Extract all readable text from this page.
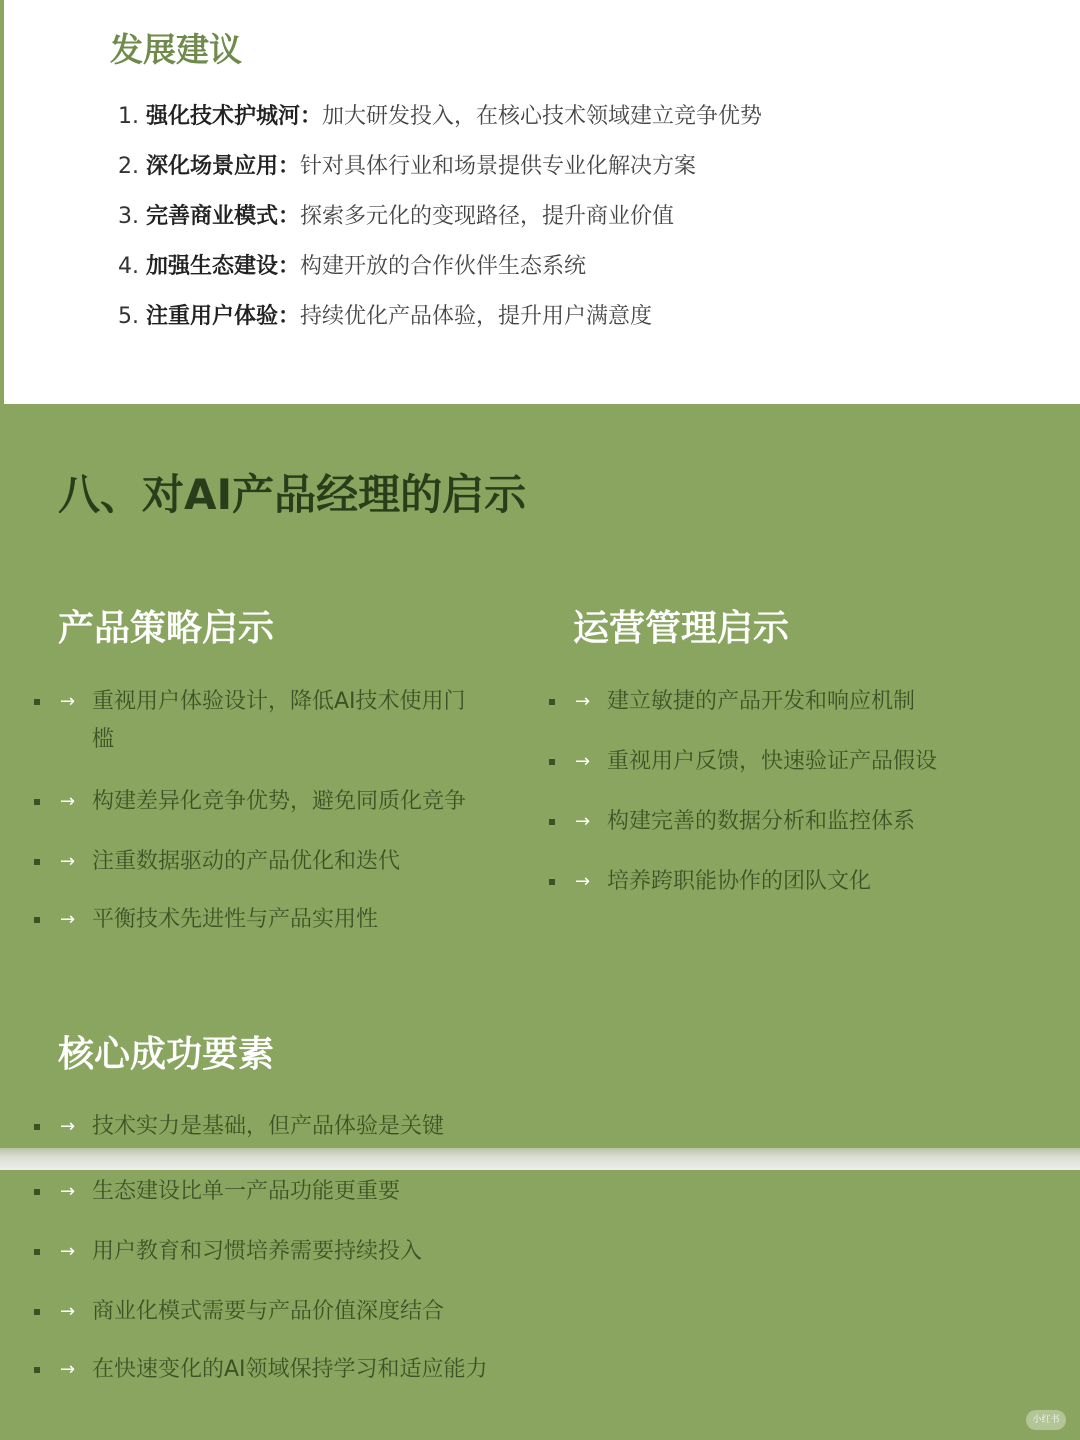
发展建议
1. 强化技术护城河：加大研发投入，在核心技术领域建立竞争优势
2. 深化场景应用：针对具体行业和场景提供专业化解决方案
3. 完善商业模式：探索多元化的变现路径，提升商业价值
4. 加强生态建设：构建开放的合作伙伴生态系统
5. 注重用户体验：持续优化产品体验，提升用户满意度
八、对AI产品经理的启示
产品策略启示
→ 重视用户体验设计，降低AI技术使用门
槛
→ 构建差异化竞争优势，避免同质化竞争
→ 注重数据驱动的产品优化和迭代
→ 平衡技术先进性与产品实用性
运营管理启示
→ 建立敏捷的产品开发和响应机制
→ 重视用户反馈，快速验证产品假设
→ 构建完善的数据分析和监控体系
→ 培养跨职能协作的团队文化
核心成功要素
→ 技术实力是基础，但产品体验是关键
→ 生态建设比单一产品功能更重要
→ 用户教育和习惯培养需要持续投入
→ 商业化模式需要与产品价值深度结合
→ 在快速变化的AI领域保持学习和适应能力
小红书
